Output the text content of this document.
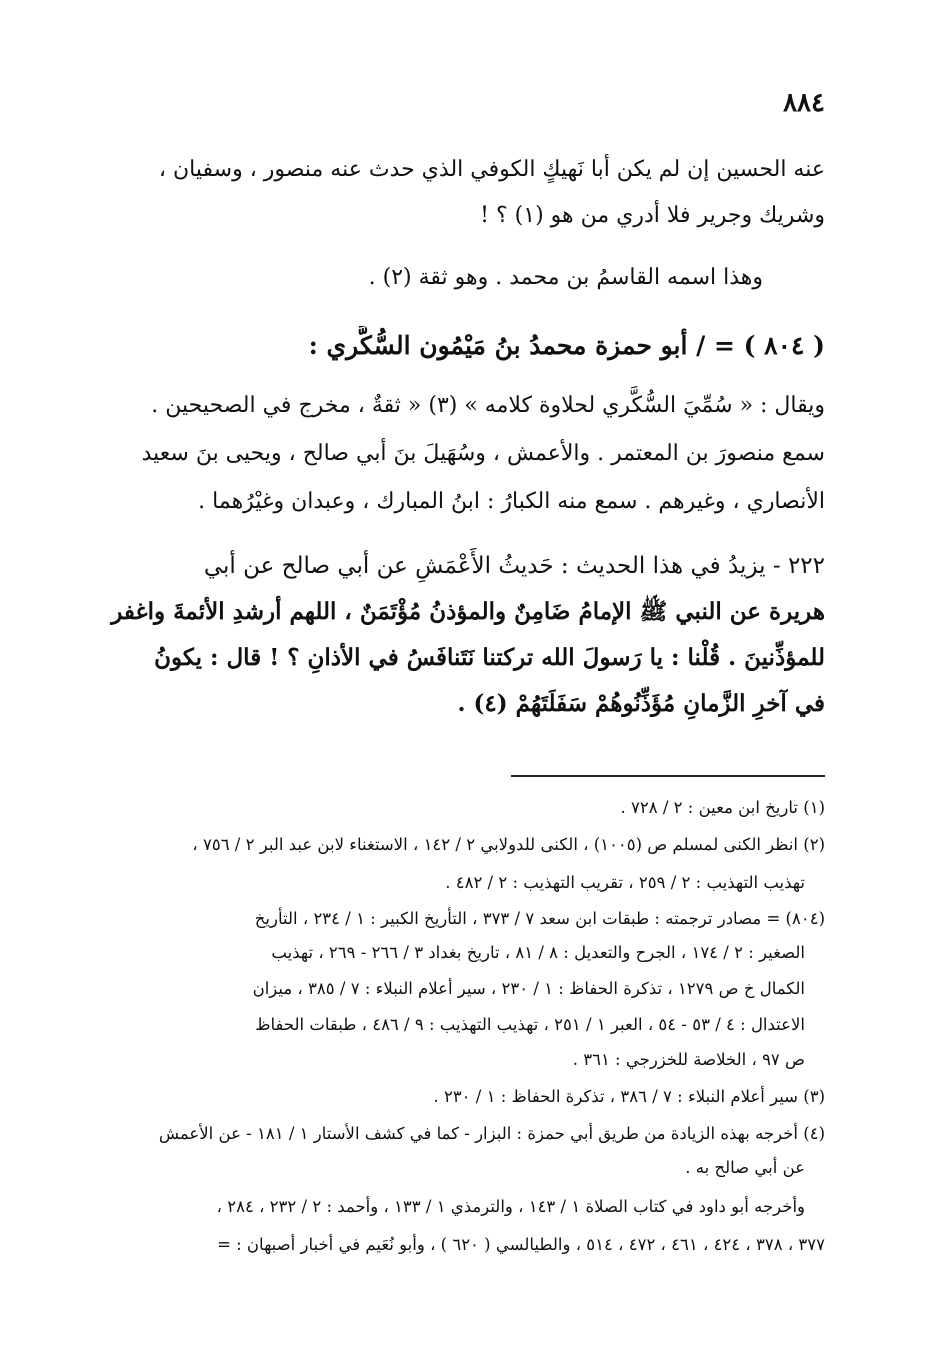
٨٨٤
عنه الحسين إن لم يكن أبا نَهيكٍ الكوفي الذي حدث عنه منصور ، وسفيان ،
وشريك وجرير فلا أدري من هو (١) ؟ !
وهذا اسمه القاسمُ بن محمد . وهو ثقة (٢) .
( ٨٠٤ ) = / أبو حمزة محمدُ بنُ مَيْمُون السُّكَّري :
ويقال : « سُمِّيَ السُّكَّري لحلاوة كلامه » (٣) « ثقةٌ ، مخرج في الصحيحين .
سمع منصورَ بن المعتمر . والأعمش ، وسُهَيلَ بنَ أبي صالح ، ويحيى بنَ سعيد
الأنصاري ، وغيرهم . سمع منه الكبارُ : ابنُ المبارك ، وعبدان وغيْرُهما .
٢٢٢ - يزيدُ في هذا الحديث : حَديثُ الأَعْمَشِ عن أبي صالح عن أبي
هريرة عن النبي ﷺ الإمامُ ضَامِنٌ والمؤذنُ مُؤْتَمَنٌ ، اللهم أرشدِ الأئمةَ واغفر
للمؤذِّنينَ . قُلْنا : يا رَسولَ الله تركتنا نَتَنافَسُ في الأذانِ ؟ ! قال : يكونُ
في آخرِ الزَّمانِ مُؤَذِّنُوهُمْ سَفَلَتَهُمْ (٤) .
(١) تاريخ ابن معين : ٢ / ٧٢٨ .
(٢) انظر الكنى لمسلم ص (١٠٠٥) ، الكنى للدولابي ٢ / ١٤٢ ، الاستغناء لابن عبد البر ٢ / ٧٥٦ ،
تهذيب التهذيب : ٢ / ٢٥٩ ، تقريب التهذيب : ٢ / ٤٨٢ .
(٨٠٤) = مصادر ترجمته : طبقات ابن سعد ٧ / ٣٧٣ ، التأريخ الكبير : ١ / ٢٣٤ ، التأريخ
الصغير : ٢ / ١٧٤ ، الجرح والتعديل : ٨ / ٨١ ، تاريخ بغداد ٣ / ٢٦٦ - ٢٦٩ ، تهذيب
الكمال خ ص ١٢٧٩ ، تذكرة الحفاظ : ١ / ٢٣٠ ، سير أعلام النبلاء : ٧ / ٣٨٥ ، ميزان
الاعتدال : ٤ / ٥٣ - ٥٤ ، العبر ١ / ٢٥١ ، تهذيب التهذيب : ٩ / ٤٨٦ ، طبقات الحفاظ
ص ٩٧ ، الخلاصة للخزرجي : ٣٦١ .
(٣) سير أعلام النبلاء : ٧ / ٣٨٦ ، تذكرة الحفاظ : ١ / ٢٣٠ .
(٤) أخرجه بهذه الزيادة من طريق أبي حمزة : البزار - كما في كشف الأستار ١ / ١٨١ - عن الأعمش
عن أبي صالح به .
وأخرجه أبو داود في كتاب الصلاة ١ / ١٤٣ ، والترمذي ١ / ١٣٣ ، وأحمد : ٢ / ٢٣٢ ، ٢٨٤ ،
٣٧٧ ، ٣٧٨ ، ٤٢٤ ، ٤٦١ ، ٤٧٢ ، ٥١٤ ، والطيالسي ( ٦٢٠ ) ، وأبو نُعَيم في أخبار أصبهان : =
